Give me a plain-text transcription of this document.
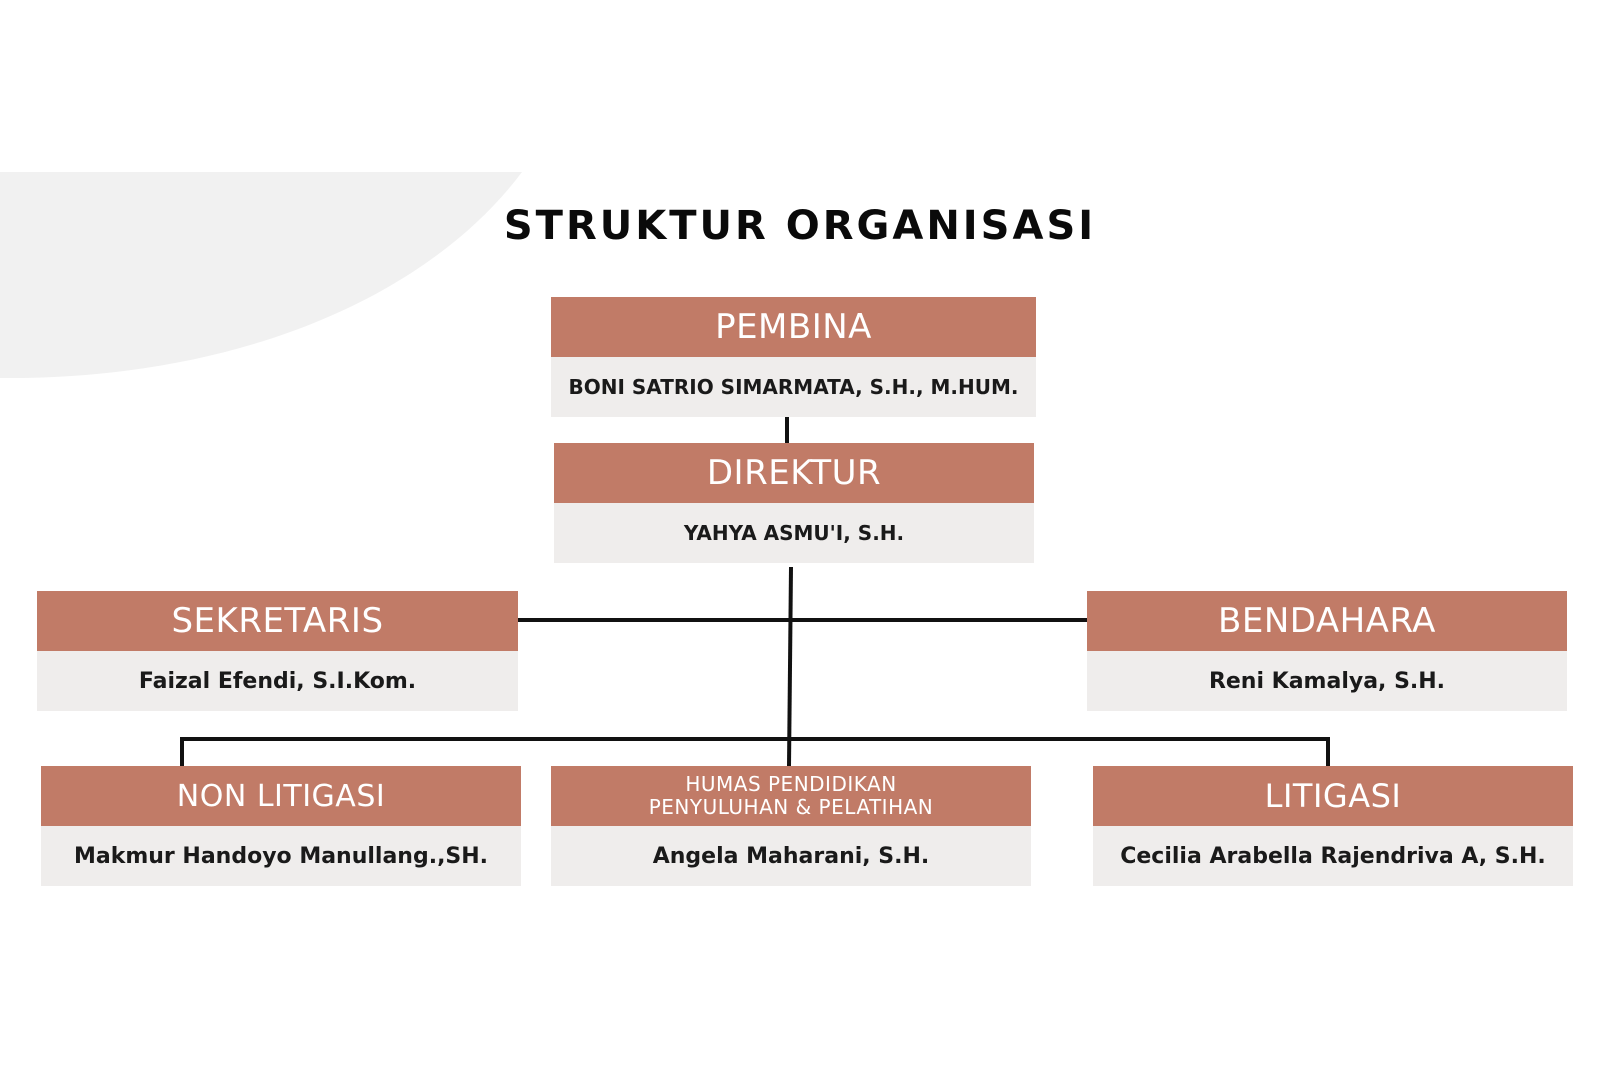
STRUKTUR ORGANISASI
PEMBINA
BONI SATRIO SIMARMATA, S.H., M.HUM.
DIREKTUR
YAHYA ASMU'I, S.H.
SEKRETARIS
Faizal Efendi, S.I.Kom.
BENDAHARA
Reni Kamalya, S.H.
NON LITIGASI
Makmur Handoyo Manullang.,SH.
HUMAS PENDIDIKAN
PENYULUHAN & PELATIHAN
Angela Maharani, S.H.
LITIGASI
Cecilia Arabella Rajendriva A, S.H.
